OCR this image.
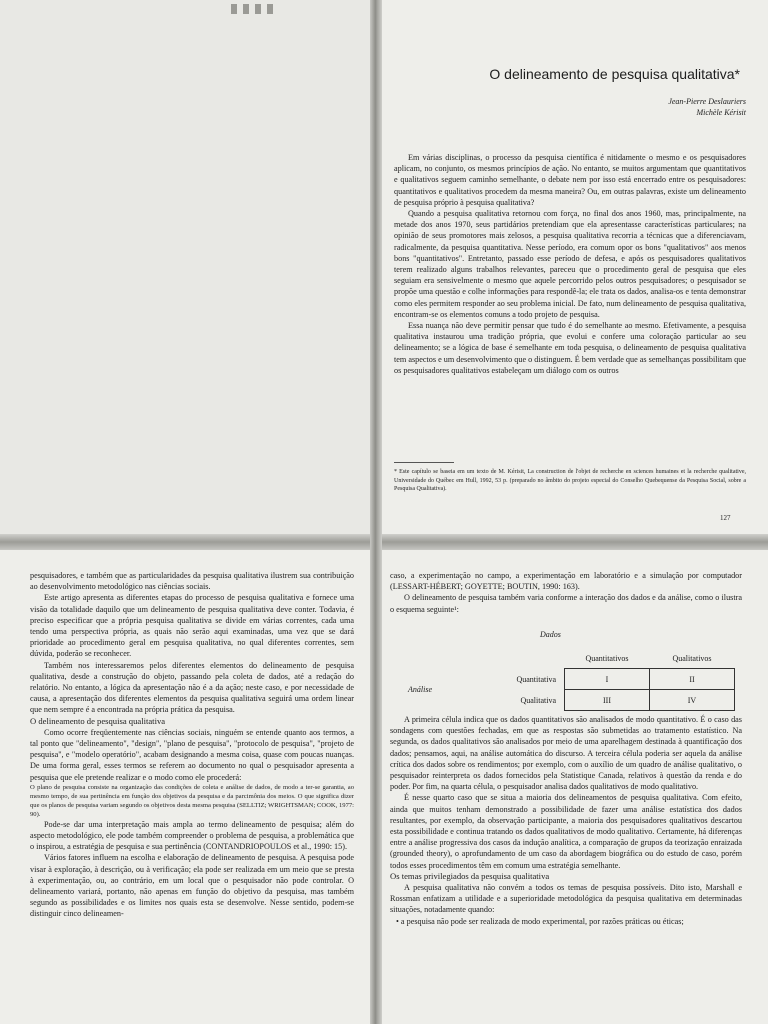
O delineamento de pesquisa qualitativa*
Jean-Pierre Deslauriers
Michèle Kérisit

Em várias disciplinas, o processo da pesquisa científica é nitidamente o mesmo e os pesquisadores aplicam, no conjunto, os mesmos princípios de ação. No entanto, se muitos argumentam que quantitativos e qualitativos seguem caminho semelhante, o debate nem por isso está encerrado entre os pesquisadores: quantitativos e qualitativos procedem da mesma maneira? Ou, em outras palavras, existe um delineamento de pesquisa próprio à pesquisa qualitativa?

Quando a pesquisa qualitativa retornou com força, no final dos anos 1960, mas, principalmente, na metade dos anos 1970, seus partidários pretendiam que ela apresentasse características particulares; na opinião de seus promotores mais zelosos, a pesquisa qualitativa recorria a técnicas que a diferenciavam, radicalmente, da pesquisa quantitativa. Nesse período, era comum opor os bons "qualitativos" aos menos bons "quantitativos". Entretanto, passado esse período de defesa, e após os pesquisadores qualitativos terem realizado alguns trabalhos relevantes, pareceu que o procedimento geral de pesquisa que eles seguiam era sensivelmente o mesmo que aquele percorrido pelos outros pesquisadores; o pesquisador se propõe uma questão e colhe informações para respondê-la; ele trata os dados, analisa-os e tenta demonstrar como eles permitem responder ao seu problema inicial. De fato, num delineamento de pesquisa qualitativa, encontram-se os elementos comuns a todo projeto de pesquisa.

Essa nuança não deve permitir pensar que tudo é do semelhante ao mesmo. Efetivamente, a pesquisa qualitativa instaurou uma tradição própria, que evolui e confere uma coloração particular ao seu delineamento; se a lógica de base é semelhante em toda pesquisa, o delineamento de pesquisa qualitativa tem aspectos e um desenvolvimento que o distinguem. É bem verdade que as semelhanças possibilitam que os pesquisadores qualitativos estabeleçam um diálogo com os outros

* Este capítulo se baseia em um texto de M. Kérisit, La construction de l'objet de recherche en sciences humaines et la recherche qualitative, Universidade do Québec em Hull, 1992, 53 p. (preparado no âmbito do projeto especial do Conselho Quebequense da Pesquisa Social, sobre a Pesquisa Qualitativa).
127

pesquisadores, e também que as particularidades da pesquisa qualitativa ilustrem sua contribuição ao desenvolvimento metodológico nas ciências sociais.

Este artigo apresenta as diferentes etapas do processo de pesquisa qualitativa e fornece uma visão da totalidade daquilo que um delineamento de pesquisa qualitativa deve conter. Todavia, é preciso especificar que a própria pesquisa qualitativa se divide em várias correntes, cada uma tendo uma perspectiva própria, as quais não serão aqui examinadas, uma vez que se dará prioridade ao procedimento geral em pesquisa qualitativa, no qual diferentes correntes, sem dúvida, poderão se reconhecer.

Também nos interessaremos pelos diferentes elementos do delineamento de pesquisa qualitativa, desde a construção do objeto, passando pela coleta de dados, até a redação do relatório. No entanto, a lógica da apresentação não é a da ação; neste caso, e por necessidade de causa, a apresentação dos diferentes elementos da pesquisa qualitativa seguirá uma ordem linear que nem sempre é a encontrada na própria prática da pesquisa.

O delineamento de pesquisa qualitativa

Como ocorre freqüentemente nas ciências sociais, ninguém se entende quanto aos termos, a tal ponto que "delineamento", "design", "plano de pesquisa", "protocolo de pesquisa", "projeto de pesquisa", e "modelo operatório", acabam designando a mesma coisa, quase com poucas nuanças. De uma forma geral, esses termos se referem ao documento no qual o pesquisador apresenta a pesquisa que ele pretende realizar e o modo como ele procederá:

O plano de pesquisa consiste na organização das condições de coleta e análise de dados, de modo a ter-se garantia, ao mesmo tempo, de sua pertinência em função dos objetivos da pesquisa e da parcimônia dos meios. O que significa dizer que os planos de pesquisa variam segundo os objetivos desta mesma pesquisa (SELLTIZ; WRIGHTSMAN; COOK, 1977: 90).

Pode-se dar uma interpretação mais ampla ao termo delineamento de pesquisa; além do aspecto metodológico, ele pode também compreender o problema de pesquisa, a problemática que o inspirou, a estratégia de pesquisa e sua pertinência (CONTANDRIOPOULOS et al., 1990: 15).

Vários fatores influem na escolha e elaboração de delineamento de pesquisa. A pesquisa pode visar à exploração, à descrição, ou à verificação; ela pode ser realizada em um meio que se presta à experimentação, ou, ao contrário, em um local que o pesquisador não pode controlar. O delineamento variará, portanto, não apenas em função do objetivo da pesquisa, mas também segundo as possibilidades e os limites nos quais esta se desenvolve. Nesse sentido, podem-se distinguir cinco delineamen-

caso, a experimentação no campo, a experimentação em laboratório e a simulação por computador (LESSART-HÉBERT; GOYETTE; BOUTIN, 1990: 163).

O delineamento de pesquisa também varia conforme a interação dos dados e da análise, como o ilustra o esquema seguinte¹:

Dados
		Quantitativos	Qualitativos
Análise	Quantitativa	I	II
	Qualitativa	III	IV

A primeira célula indica que os dados quantitativos são analisados de modo quantitativo. É o caso das sondagens com questões fechadas, em que as respostas são submetidas ao tratamento estatístico. Na segunda, os dados qualitativos são analisados por meio de uma aparelhagem destinada à quantificação dos dados; pensamos, aqui, na análise automática do discurso. A terceira célula poderia ser aquela da análise crítica dos dados sobre os rendimentos; por exemplo, com o auxílio de um quadro de análise qualitativo, o pesquisador reinterpreta os dados fornecidos pela Statistique Canada, relativos à questão da renda e do poder. Por fim, na quarta célula, o pesquisador analisa dados qualitativos de modo qualitativo.

É nesse quarto caso que se situa a maioria dos delineamentos de pesquisa qualitativa. Com efeito, ainda que muitos tenham demonstrado a possibilidade de fazer uma análise estatística dos dados resultantes, por exemplo, da observação participante, a maioria dos pesquisadores qualitativos descartou esta possibilidade e continua tratando os dados qualitativos de modo qualitativo. Certamente, há diferenças entre a análise progressiva dos casos da indução analítica, a comparação de grupos da teorização enraizada (grounded theory), o aprofundamento de um caso da abordagem biográfica ou do estudo de caso, porém todos esses procedimentos têm em comum uma estratégia semelhante.

Os temas privilegiados da pesquisa qualitativa

A pesquisa qualitativa não convém a todos os temas de pesquisa possíveis. Dito isto, Marshall e Rossman enfatizam a utilidade e a superioridade metodológica da pesquisa qualitativa em determinadas situações, notadamente quando:

• a pesquisa não pode ser realizada de modo experimental, por razões práticas ou éticas;
